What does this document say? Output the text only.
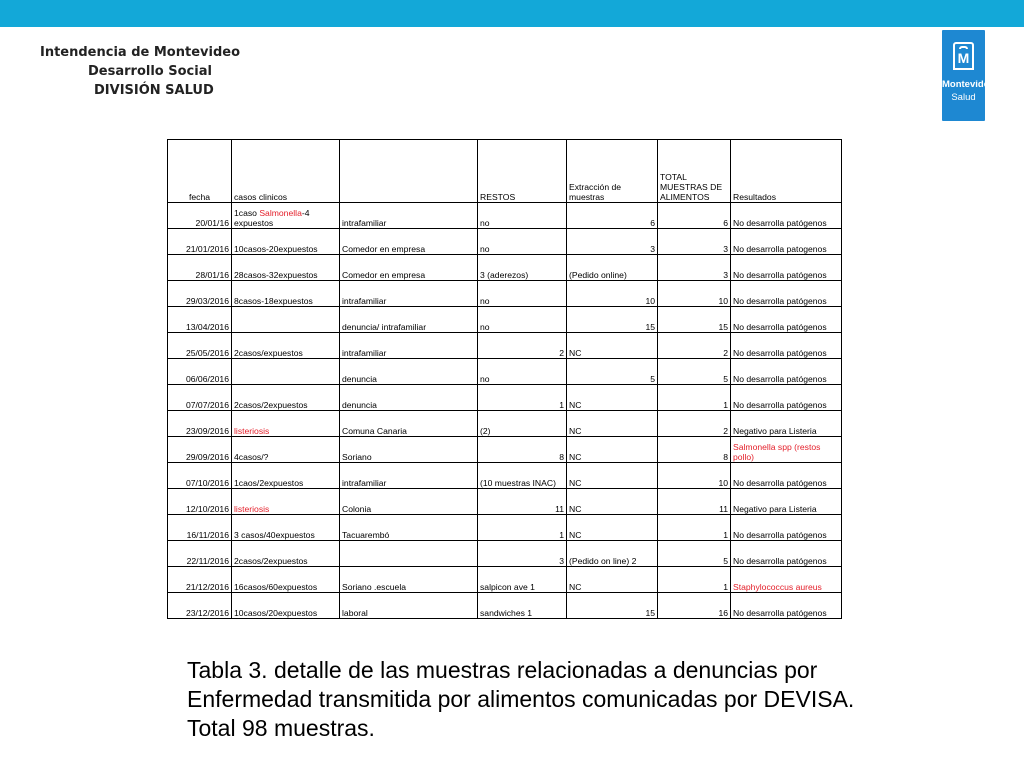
Intendencia de Montevideo
Desarrollo Social
DIVISIÓN SALUD
M
Montevideo
Salud
fecha	casos clinicos		RESTOS	Extracción de muestras	TOTAL MUESTRAS DE ALIMENTOS	Resultados
20/01/16	1caso Salmonella-4 expuestos	intrafamiliar	no	6	6	No desarrolla patógenos
21/01/2016	10casos-20expuestos	Comedor en empresa	no	3	3	No desarrolla patogenos
28/01/16	28casos-32expuestos	Comedor en empresa	3 (aderezos)	(Pedido online)	3	No desarrolla patógenos
29/03/2016	8casos-18expuestos	intrafamiliar	no	10	10	No desarrolla patógenos
13/04/2016		denuncia/ intrafamiliar	no	15	15	No desarrolla patógenos
25/05/2016	2casos/expuestos	intrafamiliar	2	NC	2	No desarrolla patógenos
06/06/2016		denuncia	no	5	5	No desarrolla patógenos
07/07/2016	2casos/2expuestos	denuncia	1	NC	1	No desarrolla patógenos
23/09/2016	listeriosis	Comuna Canaria	(2)	NC	2	Negativo para Listeria
29/09/2016	4casos/?	Soriano	8	NC	8	Salmonella spp (restos pollo)
07/10/2016	1caos/2expuestos	intrafamiliar	(10 muestras INAC)	NC	10	No desarrolla patógenos
12/10/2016	listeriosis	Colonia	11	NC	11	Negativo para Listeria
16/11/2016	3 casos/40expuestos	Tacuarembó	1	NC	1	No desarrolla patógenos
22/11/2016	2casos/2expuestos		3	(Pedido on line) 2	5	No desarrolla patógenos
21/12/2016	16casos/60expuestos	Soriano .escuela	salpicon ave 1	NC	1	Staphylococcus aureus
23/12/2016	10casos/20expuestos	laboral	sandwiches 1	15	16	No desarrolla patógenos
Tabla 3. detalle de las muestras relacionadas a denuncias por Enfermedad transmitida por alimentos comunicadas por DEVISA. Total 98 muestras.
